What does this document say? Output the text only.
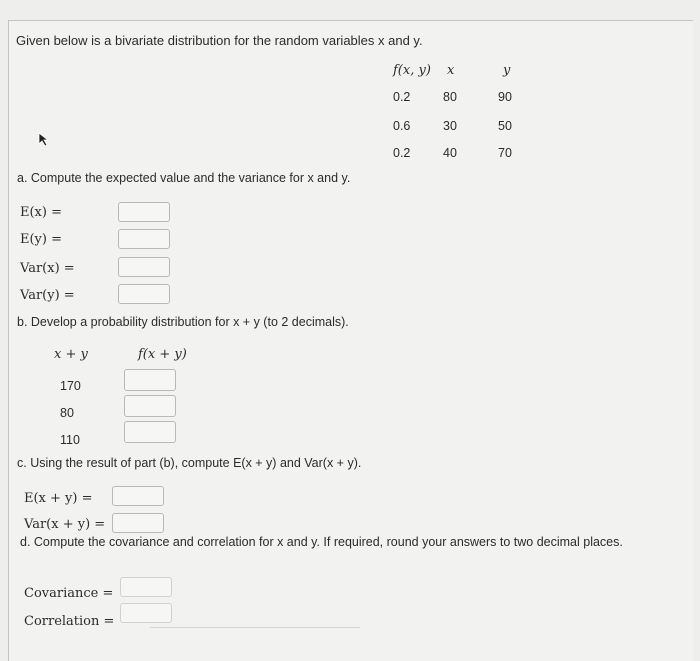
Given below is a bivariate distribution for the random variables x and y.
f(x, y) x	y
0.2	80	90
0.6	30	50
0.2	40	70
a. Compute the expected value and the variance for x and y.
E(x) =
E(y) =
Var(x) =
Var(y) =
b. Develop a probability distribution for x + y (to 2 decimals).
x + y	f(x + y)
170
80
110
c. Using the result of part (b), compute E(x + y) and Var(x + y).
E(x + y) =
Var(x + y) =
d. Compute the covariance and correlation for x and y. If required, round your answers to two decimal places.
Covariance =
Correlation =
